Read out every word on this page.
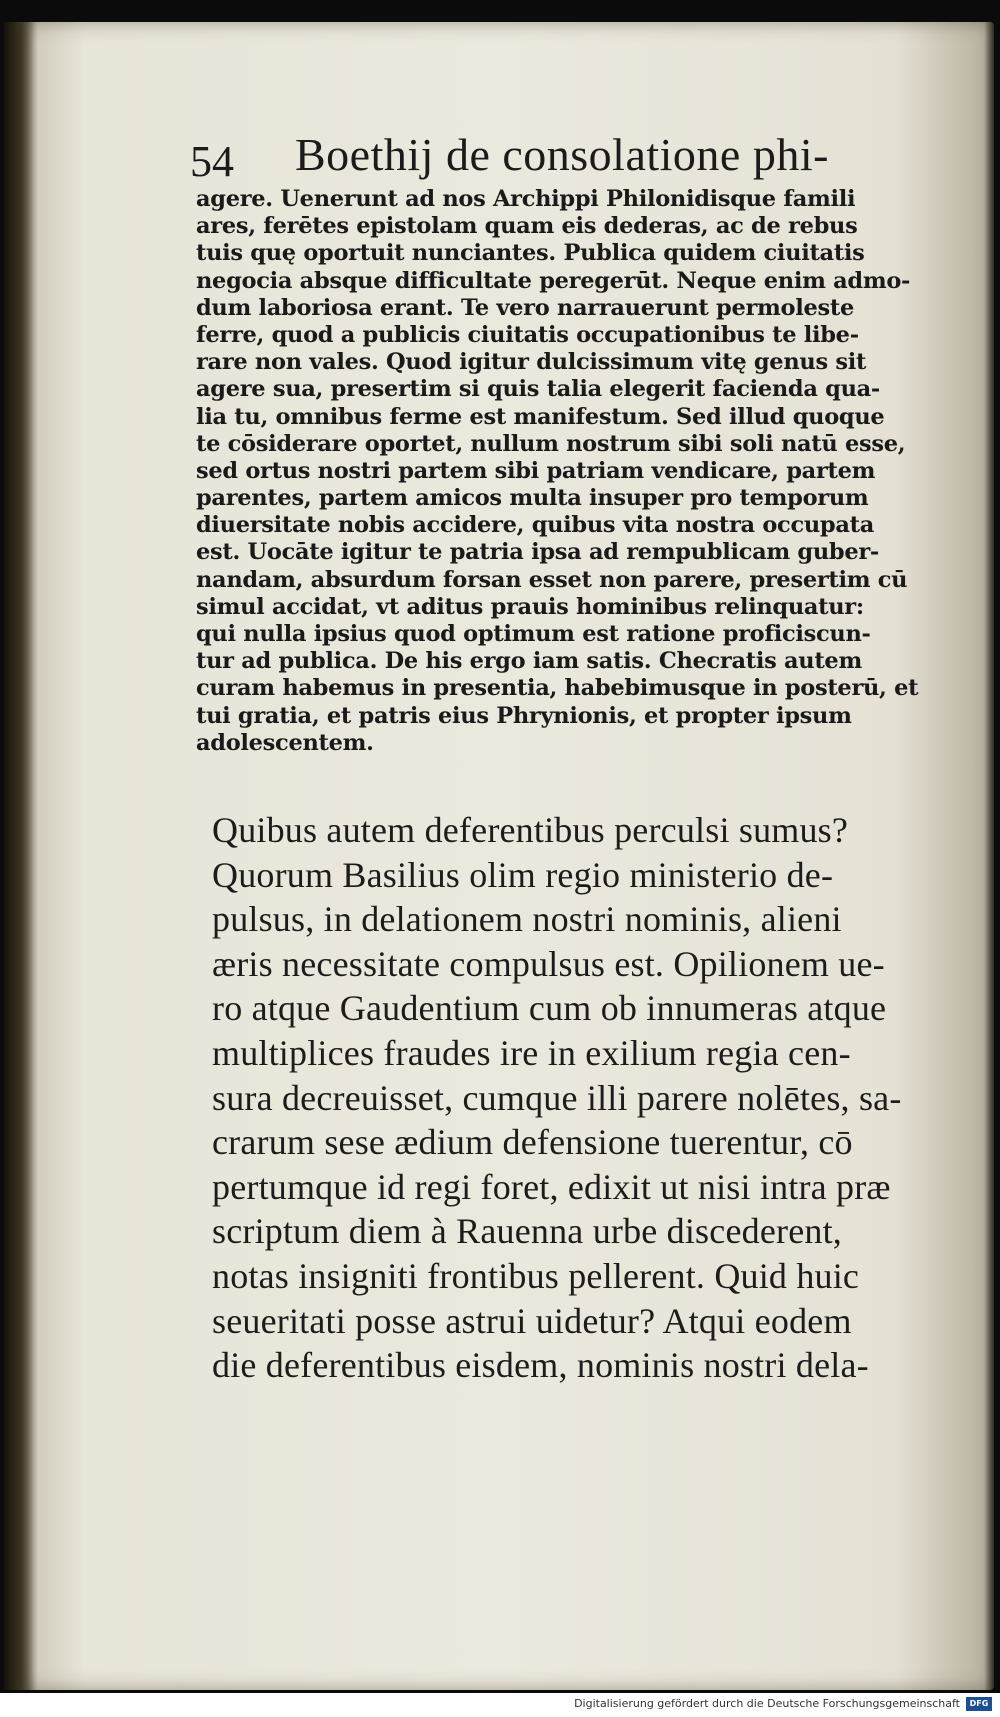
54 Boethij de consolatione phi-
agere. Uenerunt ad nos Archippi Philonidisque famili
ares, ferētes epistolam quam eis dederas, ac de rebus
tuis quę oportuit nunciantes. Publica quidem ciuitatis
negocia absque difficultate peregerūt. Neque enim admo-
dum laboriosa erant. Te vero narrauerunt permoleste
ferre, quod a publicis ciuitatis occupationibus te libe-
rare non vales. Quod igitur dulcissimum vitę genus sit
agere sua, presertim si quis talia elegerit facienda qua-
lia tu, omnibus ferme est manifestum. Sed illud quoque
te cōsiderare oportet, nullum nostrum sibi soli natū esse,
sed ortus nostri partem sibi patriam vendicare, partem
parentes, partem amicos multa insuper pro temporum
diuersitate nobis accidere, quibus vita nostra occupata
est. Uocāte igitur te patria ipsa ad rempublicam guber-
nandam, absurdum forsan esset non parere, presertim cū
simul accidat, vt aditus prauis hominibus relinquatur:
qui nulla ipsius quod optimum est ratione proficiscun-
tur ad publica. De his ergo iam satis. Checratis autem
curam habemus in presentia, habebimusque in posterū, et
tui gratia, et patris eius Phrynionis, et propter ipsum
adolescentem.
Quibus autem deferentibus perculsi sumus?
Quorum Basilius olim regio ministerio de-
pulsus, in delationem nostri nominis, alieni
æris necessitate compulsus est. Opilionem ue-
ro atque Gaudentium cum ob innumeras atque
multiplices fraudes ire in exilium regia cen-
sura decreuisset, cumque illi parere nolētes, sa-
crarum sese ædium defensione tuerentur, cō
pertumque id regi foret, edixit ut nisi intra præ
scriptum diem à Rauenna urbe discederent,
notas insigniti frontibus pellerent. Quid huic
seueritati posse astrui uidetur? Atqui eodem
die deferentibus eisdem, nominis nostri dela-
Digitalisierung gefördert durch die Deutsche Forschungsgemeinschaft	DFG
